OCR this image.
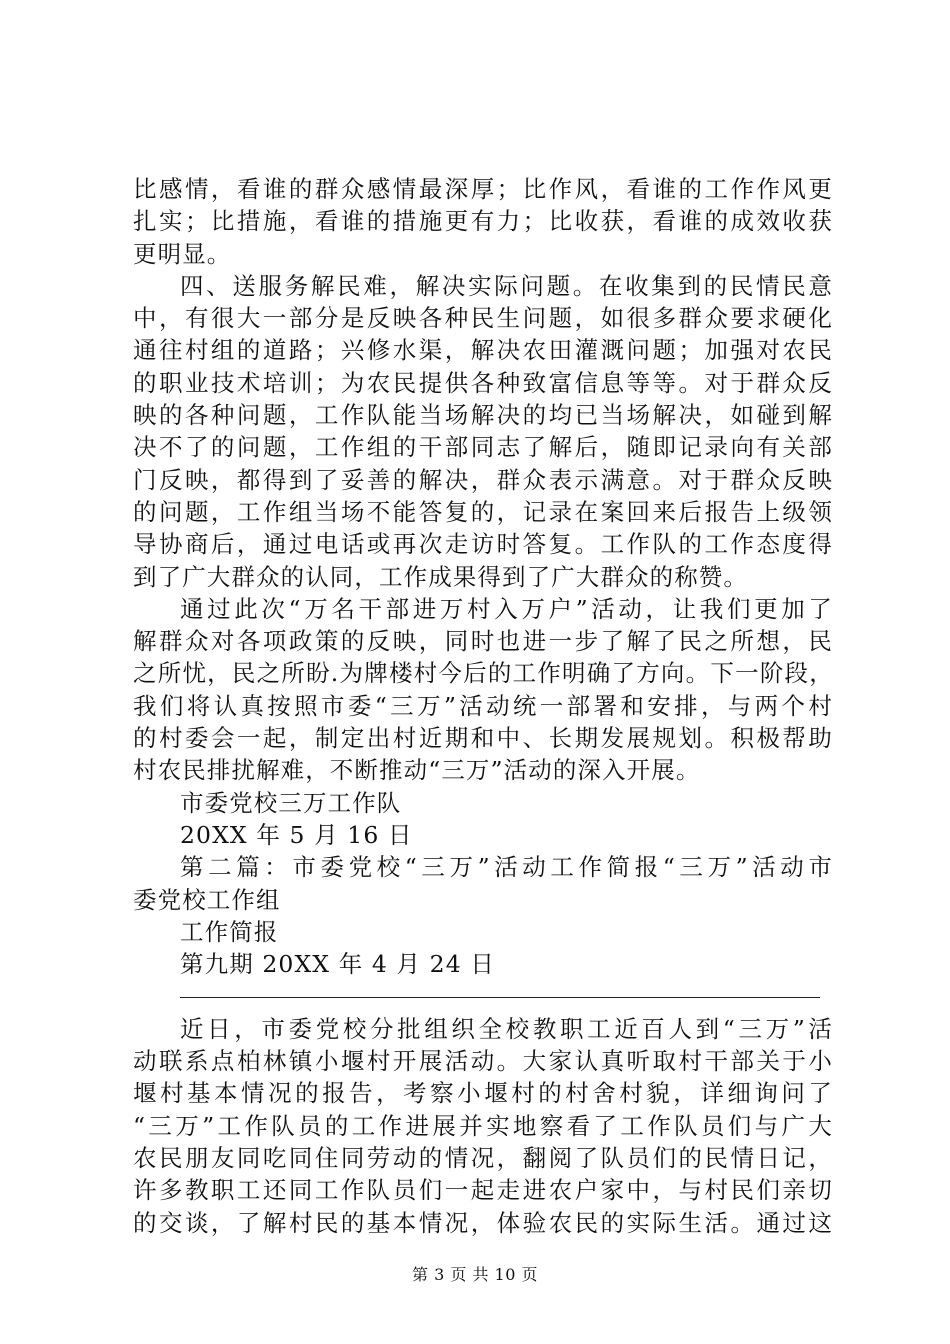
比感情，看谁的群众感情最深厚；比作风，看谁的工作作风更
扎实；比措施，看谁的措施更有力；比收获，看谁的成效收获
更明显。
四、送服务解民难，解决实际问题。在收集到的民情民意
中，有很大一部分是反映各种民生问题，如很多群众要求硬化
通往村组的道路；兴修水渠，解决农田灌溉问题；加强对农民
的职业技术培训；为农民提供各种致富信息等等。对于群众反
映的各种问题，工作队能当场解决的均已当场解决，如碰到解
决不了的问题，工作组的干部同志了解后，随即记录向有关部
门反映，都得到了妥善的解决，群众表示满意。对于群众反映
的问题，工作组当场不能答复的，记录在案回来后报告上级领
导协商后，通过电话或再次走访时答复。工作队的工作态度得
到了广大群众的认同，工作成果得到了广大群众的称赞。
通过此次“万名干部进万村入万户”活动，让我们更加了
解群众对各项政策的反映，同时也进一步了解了民之所想，民
之所忧，民之所盼.为牌楼村今后的工作明确了方向。下一阶段，
我们将认真按照市委“三万”活动统一部署和安排，与两个村
的村委会一起，制定出村近期和中、长期发展规划。积极帮助
村农民排扰解难，不断推动“三万”活动的深入开展。
市委党校三万工作队
20XX 年 5 月 16 日
第二篇：市委党校“三万”活动工作简报“三万”活动市
委党校工作组
工作简报
第九期 20XX 年 4 月 24 日
近日，市委党校分批组织全校教职工近百人到“三万”活
动联系点柏林镇小堰村开展活动。大家认真听取村干部关于小
堰村基本情况的报告，考察小堰村的村舍村貌，详细询问了
“三万”工作队员的工作进展并实地察看了工作队员们与广大
农民朋友同吃同住同劳动的情况，翻阅了队员们的民情日记，
许多教职工还同工作队员们一起走进农户家中，与村民们亲切
的交谈，了解村民的基本情况，体验农民的实际生活。通过这
第 3 页 共 10 页
